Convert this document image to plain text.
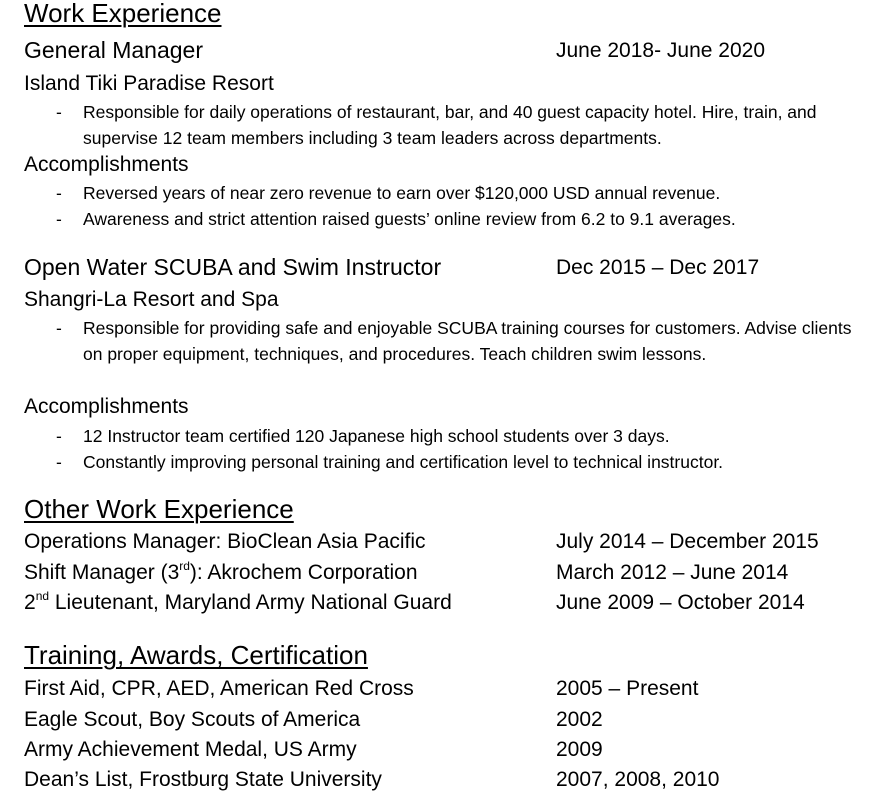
Work Experience
General Manager	June 2018- June 2020
Island Tiki Paradise Resort
- Responsible for daily operations of restaurant, bar, and 40 guest capacity hotel. Hire, train, and supervise 12 team members including 3 team leaders across departments.
Accomplishments
- Reversed years of near zero revenue to earn over $120,000 USD annual revenue.
- Awareness and strict attention raised guests’ online review from 6.2 to 9.1 averages.
Open Water SCUBA and Swim Instructor	Dec 2015 – Dec 2017
Shangri-La Resort and Spa
- Responsible for providing safe and enjoyable SCUBA training courses for customers. Advise clients on proper equipment, techniques, and procedures. Teach children swim lessons.
Accomplishments
- 12 Instructor team certified 120 Japanese high school students over 3 days.
- Constantly improving personal training and certification level to technical instructor.
Other Work Experience
Operations Manager: BioClean Asia Pacific	July 2014 – December 2015
Shift Manager (3rd): Akrochem Corporation	March 2012 – June 2014
2nd Lieutenant, Maryland Army National Guard	June 2009 – October 2014
Training, Awards, Certification
First Aid, CPR, AED, American Red Cross	2005 – Present
Eagle Scout, Boy Scouts of America	2002
Army Achievement Medal, US Army	2009
Dean’s List, Frostburg State University	2007, 2008, 2010
